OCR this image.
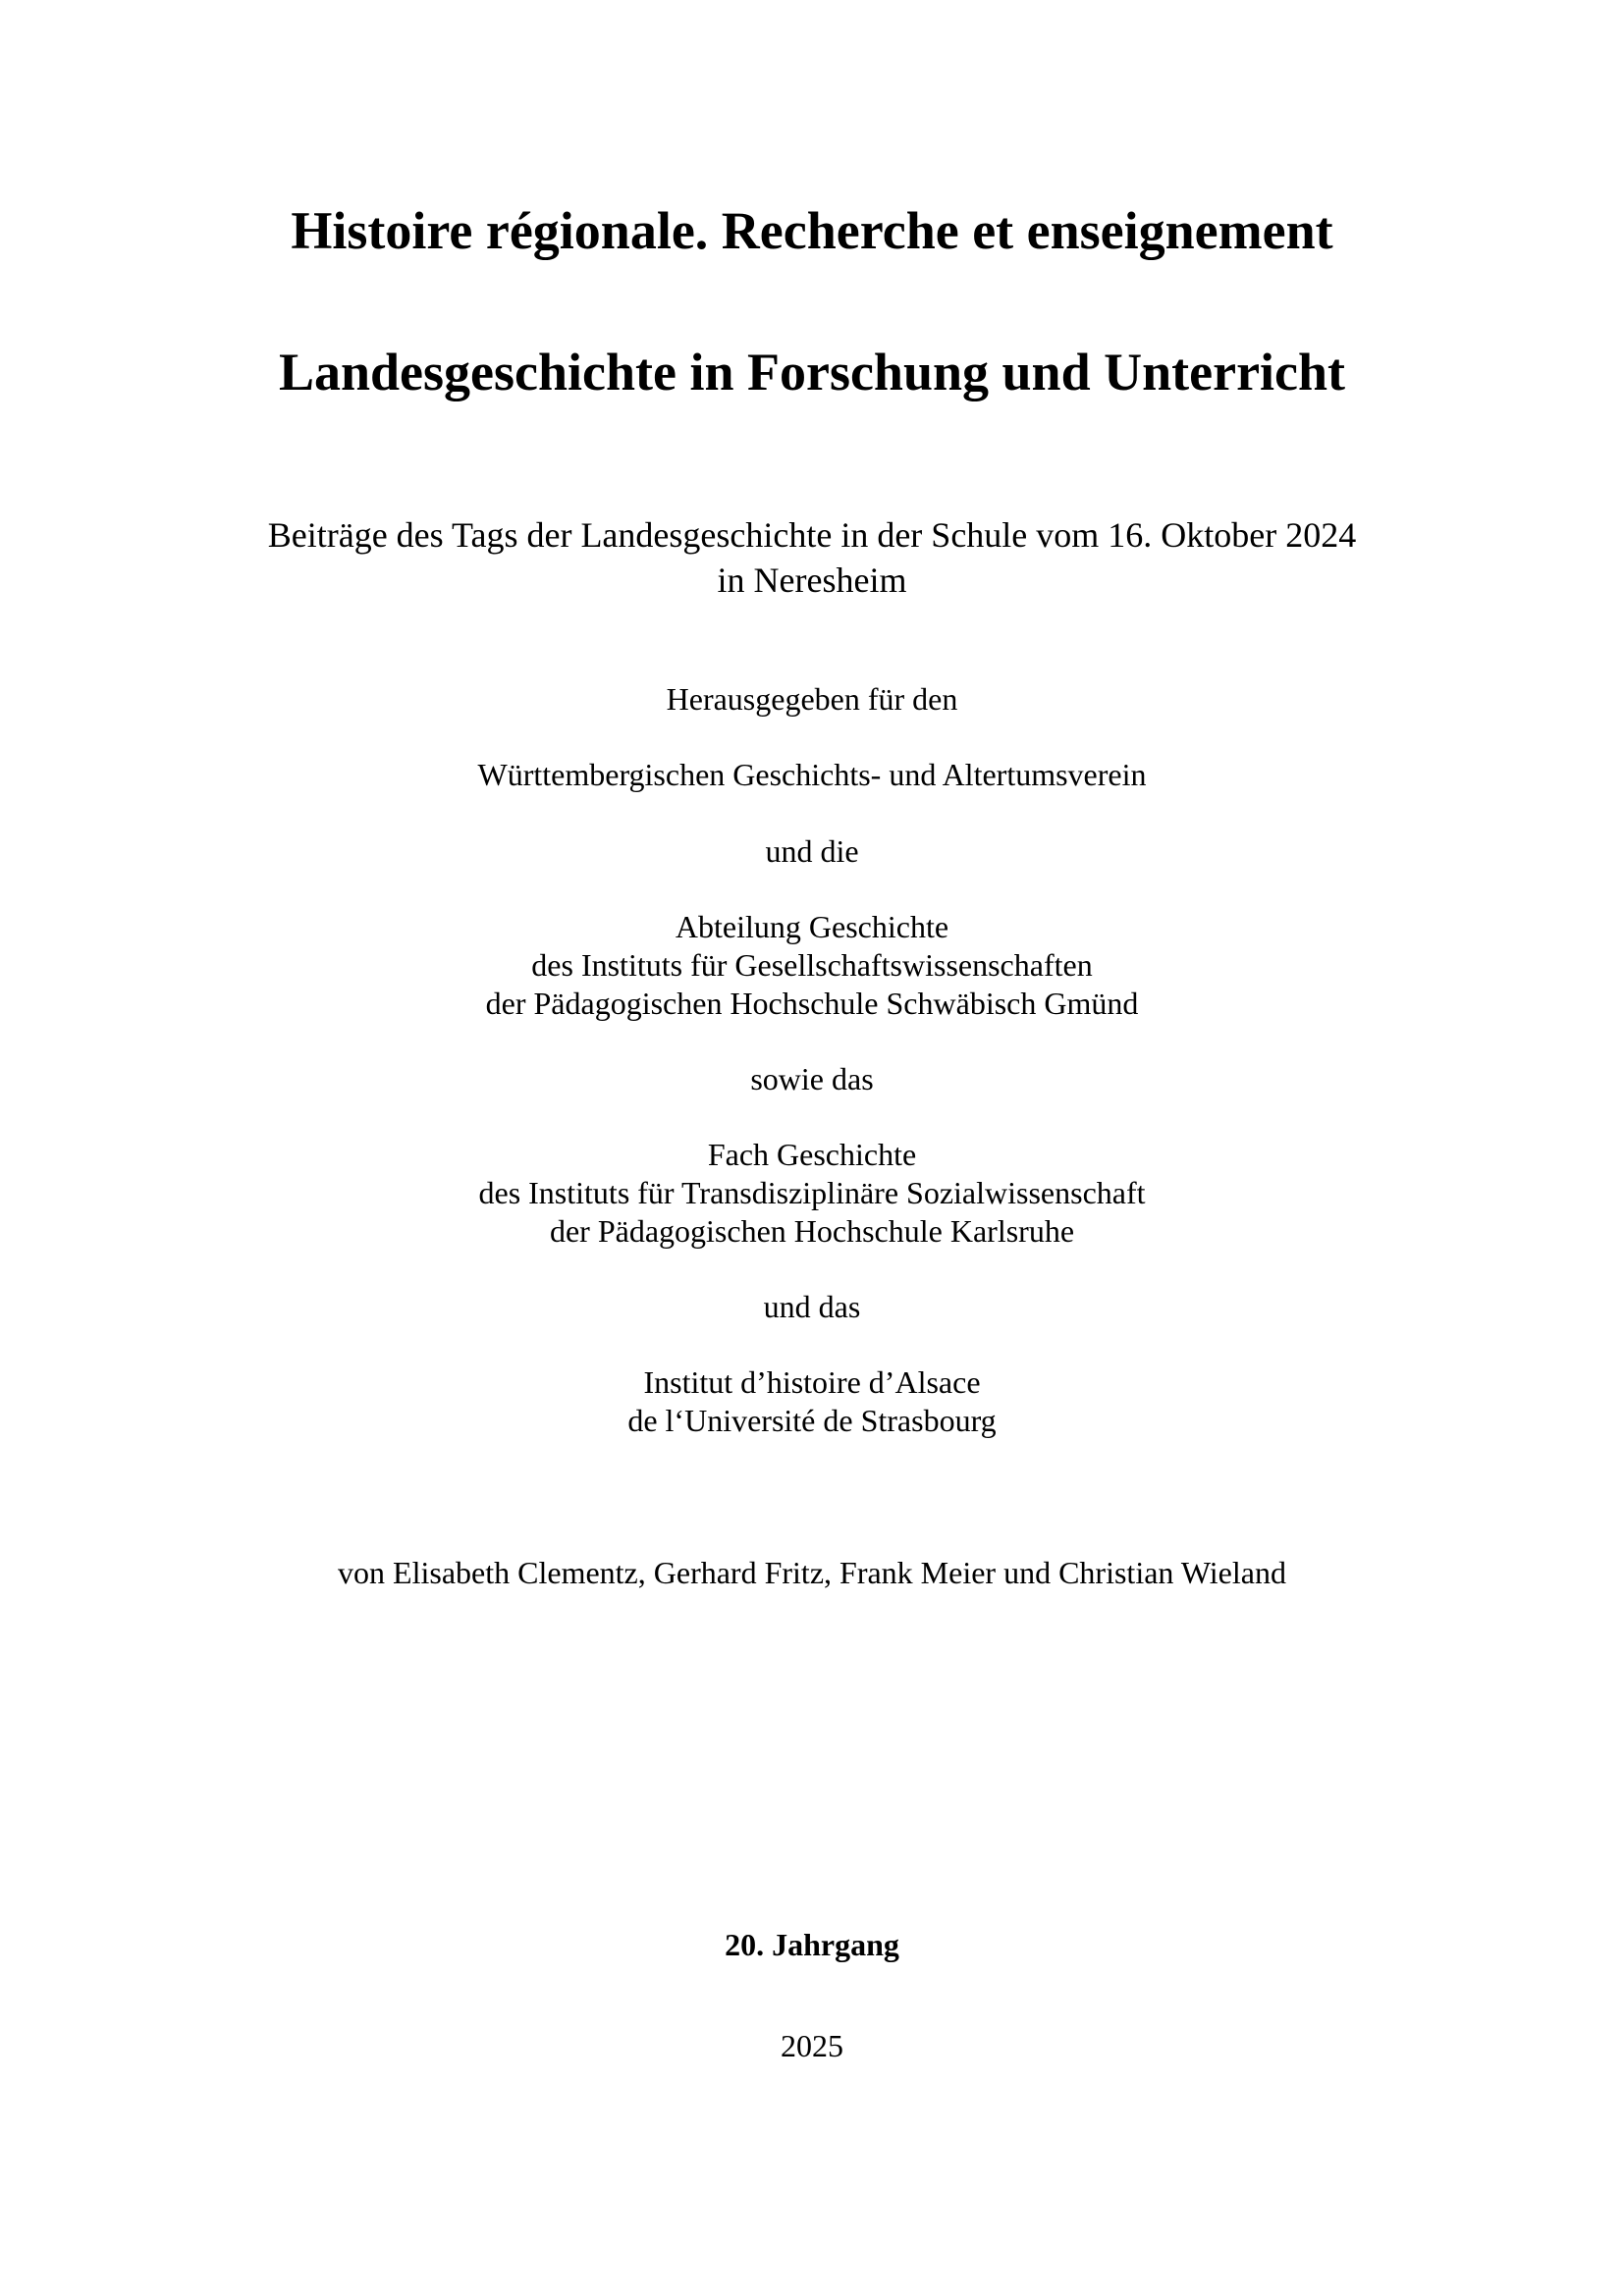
Histoire régionale. Recherche et enseignement
Landesgeschichte in Forschung und Unterricht
Beiträge des Tags der Landesgeschichte in der Schule vom 16. Oktober 2024
in Neresheim
Herausgegeben für den
Württembergischen Geschichts- und Altertumsverein
und die
Abteilung Geschichte
des Instituts für Gesellschaftswissenschaften
der Pädagogischen Hochschule Schwäbisch Gmünd
sowie das
Fach Geschichte
des Instituts für Transdisziplinäre Sozialwissenschaft
der Pädagogischen Hochschule Karlsruhe
und das
Institut d’histoire d’Alsace
de l‘Université de Strasbourg
von Elisabeth Clementz, Gerhard Fritz, Frank Meier und Christian Wieland
20. Jahrgang
2025
